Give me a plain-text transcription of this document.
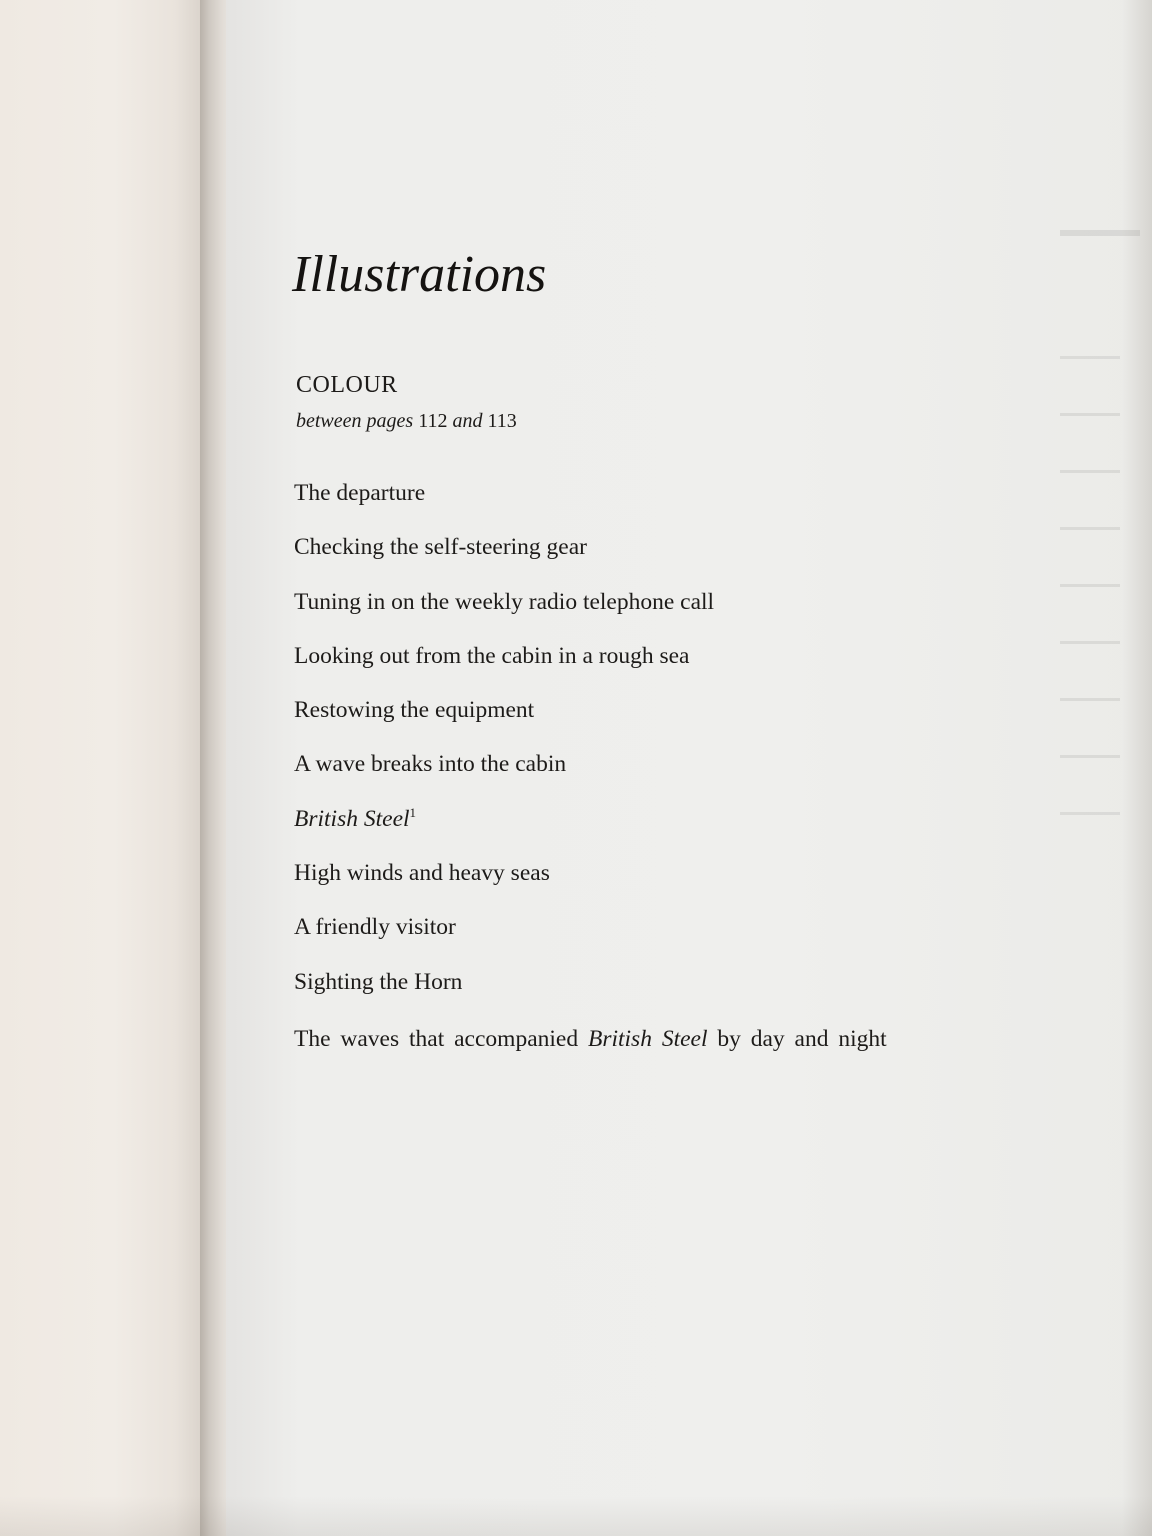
Illustrations
COLOUR
between pages 112 and 113
The departure
Checking the self-steering gear
Tuning in on the weekly radio telephone call
Looking out from the cabin in a rough sea
Restowing the equipment
A wave breaks into the cabin
British Steel$^1$
High winds and heavy seas
A friendly visitor
Sighting the Horn
The waves that accompanied British Steel by day and night
